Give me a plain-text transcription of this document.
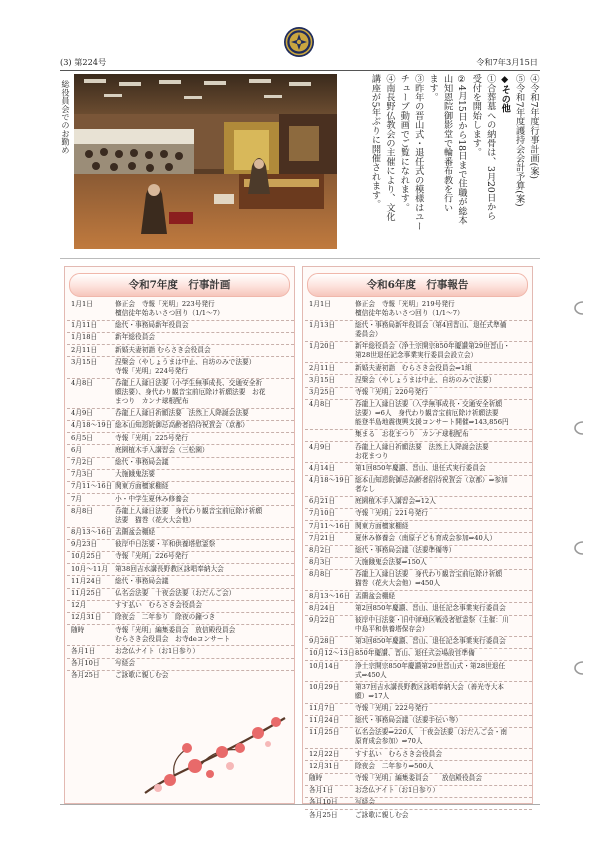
(3) 第224号	令和7年3月15日
総役員会でのお勤め	④令和7年度行事計画(案)
⑤令和7年度護持会会計予算(案)
◆その他
①合葬墓への納骨は、3月20日から
受付を開始します。
②4月15日から18日まで住職が総本
山知恩院御影堂で輪番布教を行い
ます。
③昨年の晋山式・退任式の模様はユー
チューブ動画でご覧になれます。
④南長野仏教会の主催により、文化
講座が5年ぶりに開催されます。
令和7年度　行事計画
1月1日	修正会　寺報「光明」223号発行
檀信徒年始あいさつ回り（1/1～7）
1月11日	総代・事務局新年役員会
1月18日	新年総役員会
2月11日	新婚夫妻初詣 むらさき会役員会
3月15日	涅槃会（やしょうまは中止、自坊のみで法要）
寺報「光明」224号発行
4月8日	呑龍上人縁日法要（小学生無事成長、交通安全祈
願法要）、身代わり観音宝前厄除け祈願法要　お花
まつり　カンナ球根配布
4月9日	呑龍上人縁日祈願法要　法然上人降誕会法要
4月18～19日 総本山知恩院御忌高齢者招待祝賀会（京都）
6月5日	寺報「光明」225号発行
6月	庭園植木手入講習会（三松園）
7月2日	総代・事務局会議
7月3日	大施餓鬼法要
7月11～16日 関東方面檀家棚経
7月	小・中学生夏休み修養会
8月8日	呑龍上人縁日法要　身代わり観音宝前厄除け祈願
法要　猫巻（花火大会他）
8月13～16日 盂蘭盆会棚経
9月23日	彼岸中日法要・平和供養塔慰霊祭
10月25日	寺報「光明」226号発行
10月～11月	第38回吉水講長野教区詠唱奉納大会
11月24日	総代・事務局会議
11月25日	仏名会法要　十夜会法要（おだんご会）
12月	すす払い　むらさき会役員会
12月31日	除夜会　二年参り　除夜の鐘つき
随時	寺報「光明」編集委員会　放信殿役員会
むらさき会役員会　お寺deコンサート
各月1日	お念仏ナイト（お1日参り）
各月10日	写経会
各月25日	ご詠歌に親しむ会
令和6年度　行事報告
1月1日	修正会　寺報「光明」219号発行
檀信徒年始あいさつ回り（1/1～7）
1月13日	総代・事務局新年役員会（第4回晋山、退任式準備
委員会）
1月20日	新年総役員会（浄土宗開宗850年慶讃第29世晋山・
第28世退任記念事業実行委員会設立会）
2月11日	新婚夫妻初詣　むらさき会役員会⇒1組
3月15日	涅槃会（やしょうまは中止、自坊のみで法要）
3月25日	寺報「光明」220号発行
4月8日	呑龍上人縁日法要（入学無事成長・交通安全祈願
法要）⇒6人　身代わり観音宝前厄除け祈願法要
能登半島地震復興支援コンサート開催⇒143,856円
集まる　お花まつり　カンナ球根配布
4月9日	呑龍上人縁日祈願法要　法然上人降誕会法要
お花まつり
4月14日	第1回850年慶讃、晋山、退任式実行委員会
4月18～19日 総本山知恩院御忌高齢者招待祝賀会（京都）⇒参加
者なし
6月21日	庭園植木手入講習会⇒12人
7月10日	寺報「光明」221号発行
7月11～16日 関東方面檀家棚経
7月21日	夏休み修養会（南原子ども育成会参加⇒40人）
8月2日	総代・事務局会議（法要準備等）
8月3日	大施餓鬼会法要⇒150人
8月8日	呑龍上人縁日法要　身代わり観音宝前厄除け祈願
猫巻（花火大会他）⇒450人
8月13～16日 盂蘭盆会棚経
8月24日	第2回850年慶讃、晋山、退任記念事業実行委員会
9月22日	彼岸中日法要・旧中津地区戦没者慰霊祭（主催：川
中島平和供養塔保存会）
9月28日	第3回850年慶讃、晋山、退任記念事業実行委員会
10月12～13日 850年慶讃、晋山、退任式会場設営準備
10月14日	浄土宗開宗850年慶讃第29世晋山式・第28世退任
式⇒450人
10月29日	第37回吉水講長野教区詠唱奉納大会（善光寺大本
願）⇒17人
11月7日	寺報「光明」222号発行
11月24日	総代・事務局会議（法要手伝い等）
11月25日	仏名会法要⇒220人　十夜会法要（おだんご会・南
原育成会参加）⇒70人
12月22日	すす払い　むらさき会役員会
12月31日	除夜会　二年参り⇒500人
随時	寺報「光明」編集委員会　　放信殿役員会
各月1日	お念仏ナイト（お1日参り）
各月10日	写経会
各月25日	ご詠歌に親しむ会
